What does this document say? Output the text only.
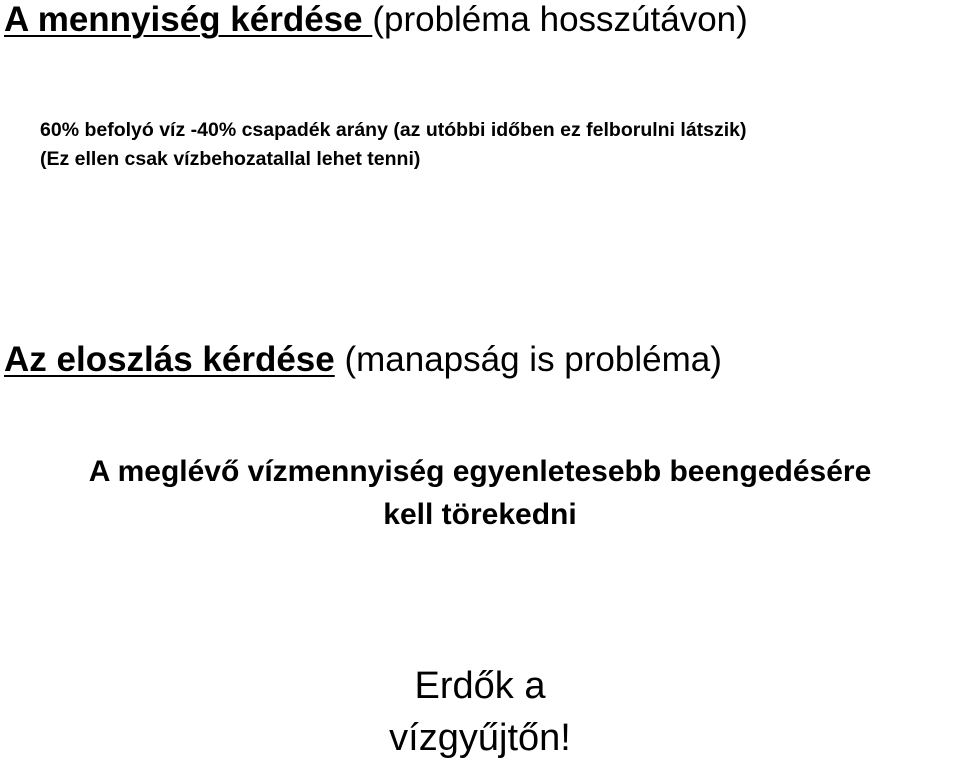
A mennyiség kérdése (probléma hosszútávon)

60% befolyó víz -40% csapadék arány (az utóbbi időben ez felborulni látszik)
(Ez ellen csak vízbehozatallal lehet tenni)

Az eloszlás kérdése (manapság is probléma)

A meglévő vízmennyiség egyenletesebb beengedésére
kell törekedni

Erdők a
vízgyűjtőn!
